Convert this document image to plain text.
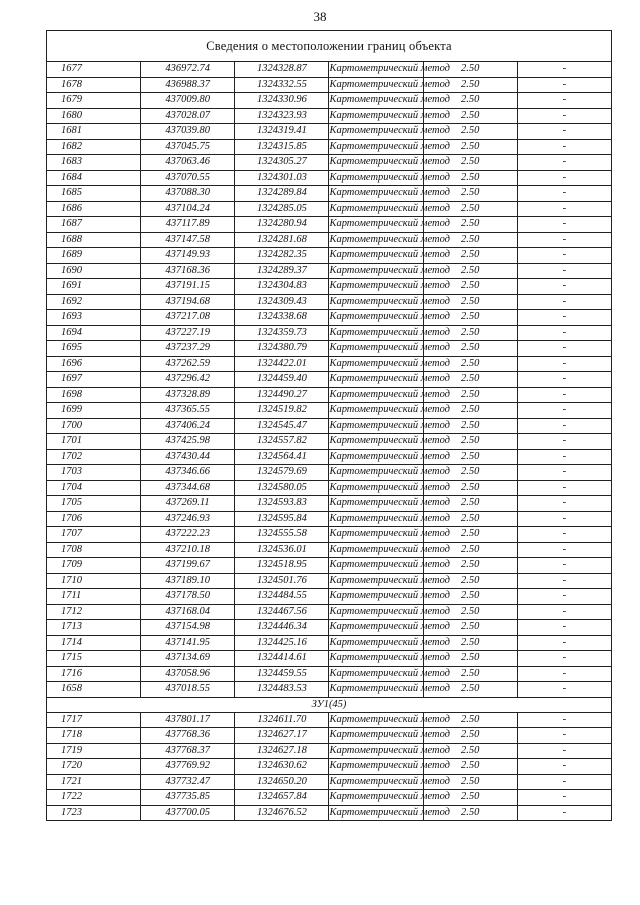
38
Сведения о местоположении границ объекта					
1677	436972.74	1324328.87	Картометрический метод	2.50	-
1678	436988.37	1324332.55	Картометрический метод	2.50	-
1679	437009.80	1324330.96	Картометрический метод	2.50	-
1680	437028.07	1324323.93	Картометрический метод	2.50	-
1681	437039.80	1324319.41	Картометрический метод	2.50	-
1682	437045.75	1324315.85	Картометрический метод	2.50	-
1683	437063.46	1324305.27	Картометрический метод	2.50	-
1684	437070.55	1324301.03	Картометрический метод	2.50	-
1685	437088.30	1324289.84	Картометрический метод	2.50	-
1686	437104.24	1324285.05	Картометрический метод	2.50	-
1687	437117.89	1324280.94	Картометрический метод	2.50	-
1688	437147.58	1324281.68	Картометрический метод	2.50	-
1689	437149.93	1324282.35	Картометрический метод	2.50	-
1690	437168.36	1324289.37	Картометрический метод	2.50	-
1691	437191.15	1324304.83	Картометрический метод	2.50	-
1692	437194.68	1324309.43	Картометрический метод	2.50	-
1693	437217.08	1324338.68	Картометрический метод	2.50	-
1694	437227.19	1324359.73	Картометрический метод	2.50	-
1695	437237.29	1324380.79	Картометрический метод	2.50	-
1696	437262.59	1324422.01	Картометрический метод	2.50	-
1697	437296.42	1324459.40	Картометрический метод	2.50	-
1698	437328.89	1324490.27	Картометрический метод	2.50	-
1699	437365.55	1324519.82	Картометрический метод	2.50	-
1700	437406.24	1324545.47	Картометрический метод	2.50	-
1701	437425.98	1324557.82	Картометрический метод	2.50	-
1702	437430.44	1324564.41	Картометрический метод	2.50	-
1703	437346.66	1324579.69	Картометрический метод	2.50	-
1704	437344.68	1324580.05	Картометрический метод	2.50	-
1705	437269.11	1324593.83	Картометрический метод	2.50	-
1706	437246.93	1324595.84	Картометрический метод	2.50	-
1707	437222.23	1324555.58	Картометрический метод	2.50	-
1708	437210.18	1324536.01	Картометрический метод	2.50	-
1709	437199.67	1324518.95	Картометрический метод	2.50	-
1710	437189.10	1324501.76	Картометрический метод	2.50	-
1711	437178.50	1324484.55	Картометрический метод	2.50	-
1712	437168.04	1324467.56	Картометрический метод	2.50	-
1713	437154.98	1324446.34	Картометрический метод	2.50	-
1714	437141.95	1324425.16	Картометрический метод	2.50	-
1715	437134.69	1324414.61	Картометрический метод	2.50	-
1716	437058.96	1324459.55	Картометрический метод	2.50	-
1658	437018.55	1324483.53	Картометрический метод	2.50	-
ЗУ1(45)					
1717	437801.17	1324611.70	Картометрический метод	2.50	-
1718	437768.36	1324627.17	Картометрический метод	2.50	-
1719	437768.37	1324627.18	Картометрический метод	2.50	-
1720	437769.92	1324630.62	Картометрический метод	2.50	-
1721	437732.47	1324650.20	Картометрический метод	2.50	-
1722	437735.85	1324657.84	Картометрический метод	2.50	-
1723	437700.05	1324676.52	Картометрический метод	2.50	-
